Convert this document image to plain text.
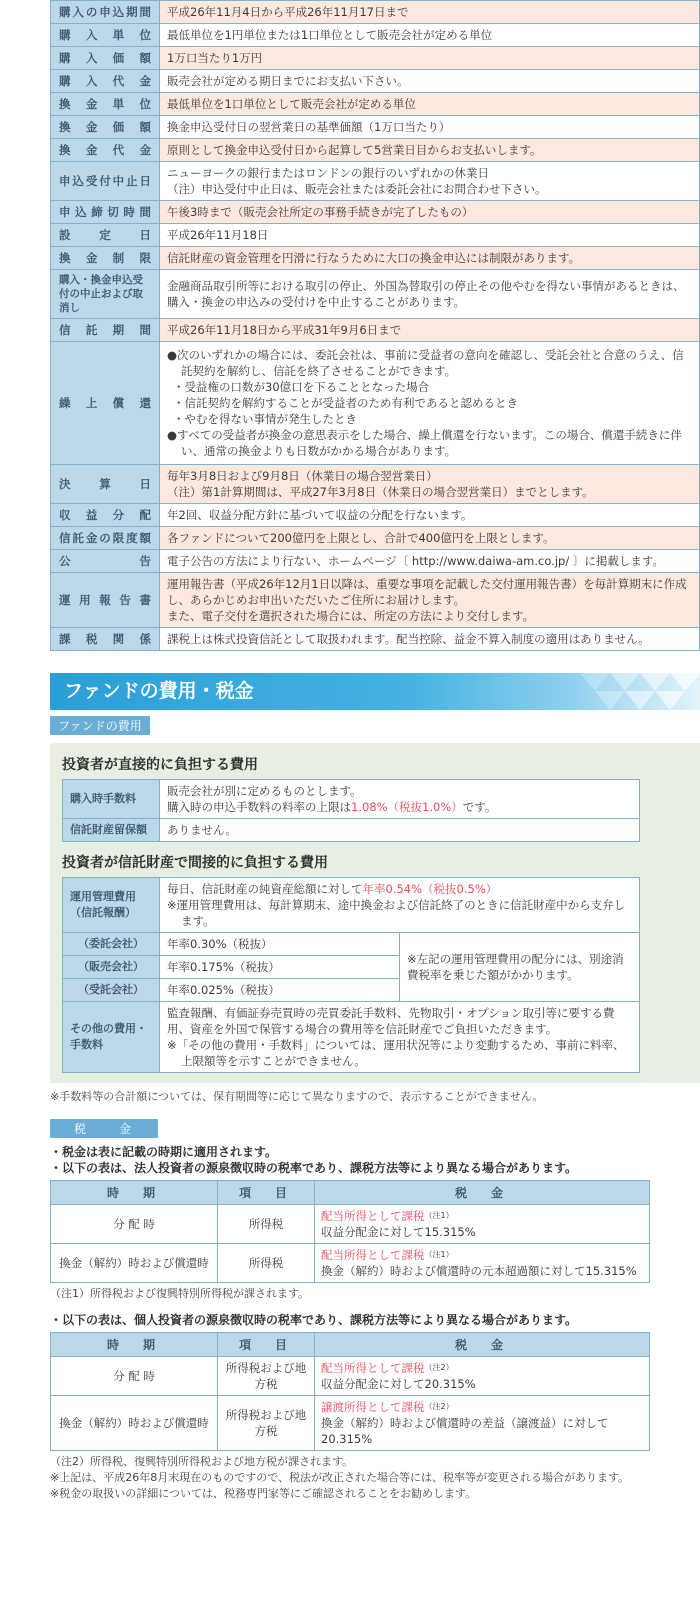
購入の申込期間	平成26年11月4日から平成26年11月17日まで
購　入　単　位	最低単位を1円単位または1口単位として販売会社が定める単位
購　入　価　額	1万口当たり1万円
購　入　代　金	販売会社が定める期日までにお支払い下さい。
換　金　単　位	最低単位を1口単位として販売会社が定める単位
換　金　価　額	換金申込受付日の翌営業日の基準価額（1万口当たり）
換　金　代　金	原則として換金申込受付日から起算して5営業日目からお支払いします。
申込受付中止日	ニューヨークの銀行またはロンドンの銀行のいずれかの休業日
（注）申込受付中止日は、販売会社または委託会社にお問合わせ下さい。

申込締切時間	午後3時まで（販売会社所定の事務手続きが完了したもの）
設　　定　　日	平成26年11月18日
換　金　制　限	信託財産の資金管理を円滑に行なうために大口の換金申込には制限があります。
購入・換金申込受付の中止および取消し	金融商品取引所等における取引の停止、外国為替取引の停止その他やむを得ない事情があるときは、購入・換金の申込みの受付けを中止することがあります。
信　託　期　間	平成26年11月18日から平成31年9月6日まで
繰　上　償　還	●次のいずれかの場合には、委託会社は、事前に受益者の意向を確認し、受託会社と合意のうえ、信託契約を解約し、信託を終了させることができます。
・受益権の口数が30億口を下ることとなった場合
・信託契約を解約することが受益者のため有利であると認めるとき
・やむを得ない事情が発生したとき
●すべての受益者が換金の意思表示をした場合、繰上償還を行ないます。この場合、償還手続きに伴い、通常の換金よりも日数がかかる場合があります。

決　　算　　日	毎年3月8日および9月8日（休業日の場合翌営業日）
（注）第1計算期間は、平成27年3月8日（休業日の場合翌営業日）までとします。

収　益　分　配	年2回、収益分配方針に基づいて収益の分配を行ないます。
信託金の限度額	各ファンドについて200億円を上限とし、合計で400億円を上限とします。
公　　　　告	電子公告の方法により行ない、ホームページ〔 http://www.daiwa-am.co.jp/ 〕に掲載します。
運用報告書	運用報告書（平成26年12月1日以降は、重要な事項を記載した交付運用報告書）を毎計算期末に作成し、あらかじめお申出いただいたご住所にお届けします。
また、電子交付を選択された場合には、所定の方法により交付します。

課　税　関　係	課税上は株式投資信託として取扱われます。配当控除、益金不算入制度の適用はありません。
ファンドの費用・税金
ファンドの費用
投資者が直接的に負担する費用
購入時手数料	販売会社が別に定めるものとします。
購入時の申込手数料の料率の上限は1.08%（税抜1.0%）です。

信託財産留保額	ありません。
投資者が信託財産で間接的に負担する費用
運用管理費用（信託報酬）	毎日、信託財産の純資産総額に対して年率0.54%（税抜0.5%）
※運用管理費用は、毎計算期末、途中換金および信託終了のときに信託財産中から支弁します。	

（委託会社）	年率0.30%（税抜）	※左記の運用管理費用の配分には、別途消費税率を乗じた額がかかります。
（販売会社）	年率0.175%（税抜）	
（受託会社）	年率0.025%（税抜）	
その他の費用・手数料	監査報酬、有価証券売買時の売買委託手数料、先物取引・オプション取引等に要する費用、資産を外国で保管する場合の費用等を信託財産でご負担いただきます。
※「その他の費用・手数料」については、運用状況等により変動するため、事前に料率、上限額等を示すことができません。	

※手数料等の合計額については、保有期間等に応じて異なりますので、表示することができません。

税　　金

・税金は表に記載の時期に適用されます。

・以下の表は、法人投資者の源泉徴収時の税率であり、課税方法等により異なる場合があります。

時　期	項　目	税　金
分 配 時	所得税	配当所得として課税$^{(注1)}$
収益分配金に対して15.315%

換金（解約）時および償還時	所得税	配当所得として課税$^{(注1)}$
換金（解約）時および償還時の元本超過額に対して15.315%

（注1）所得税および復興特別所得税が課されます。

・以下の表は、個人投資者の源泉徴収時の税率であり、課税方法等により異なる場合があります。

時　期	項　目	税　金
分 配 時	所得税および地方税	配当所得として課税$^{(注2)}$
収益分配金に対して20.315%

換金（解約）時および償還時	所得税および地方税	譲渡所得として課税$^{(注2)}$
換金（解約）時および償還時の差益（譲渡益）に対して20.315%

（注2）所得税、復興特別所得税および地方税が課されます。

※上記は、平成26年8月末現在のものですので、税法が改正された場合等には、税率等が変更される場合があります。

※税金の取扱いの詳細については、税務専門家等にご確認されることをお勧めします。
